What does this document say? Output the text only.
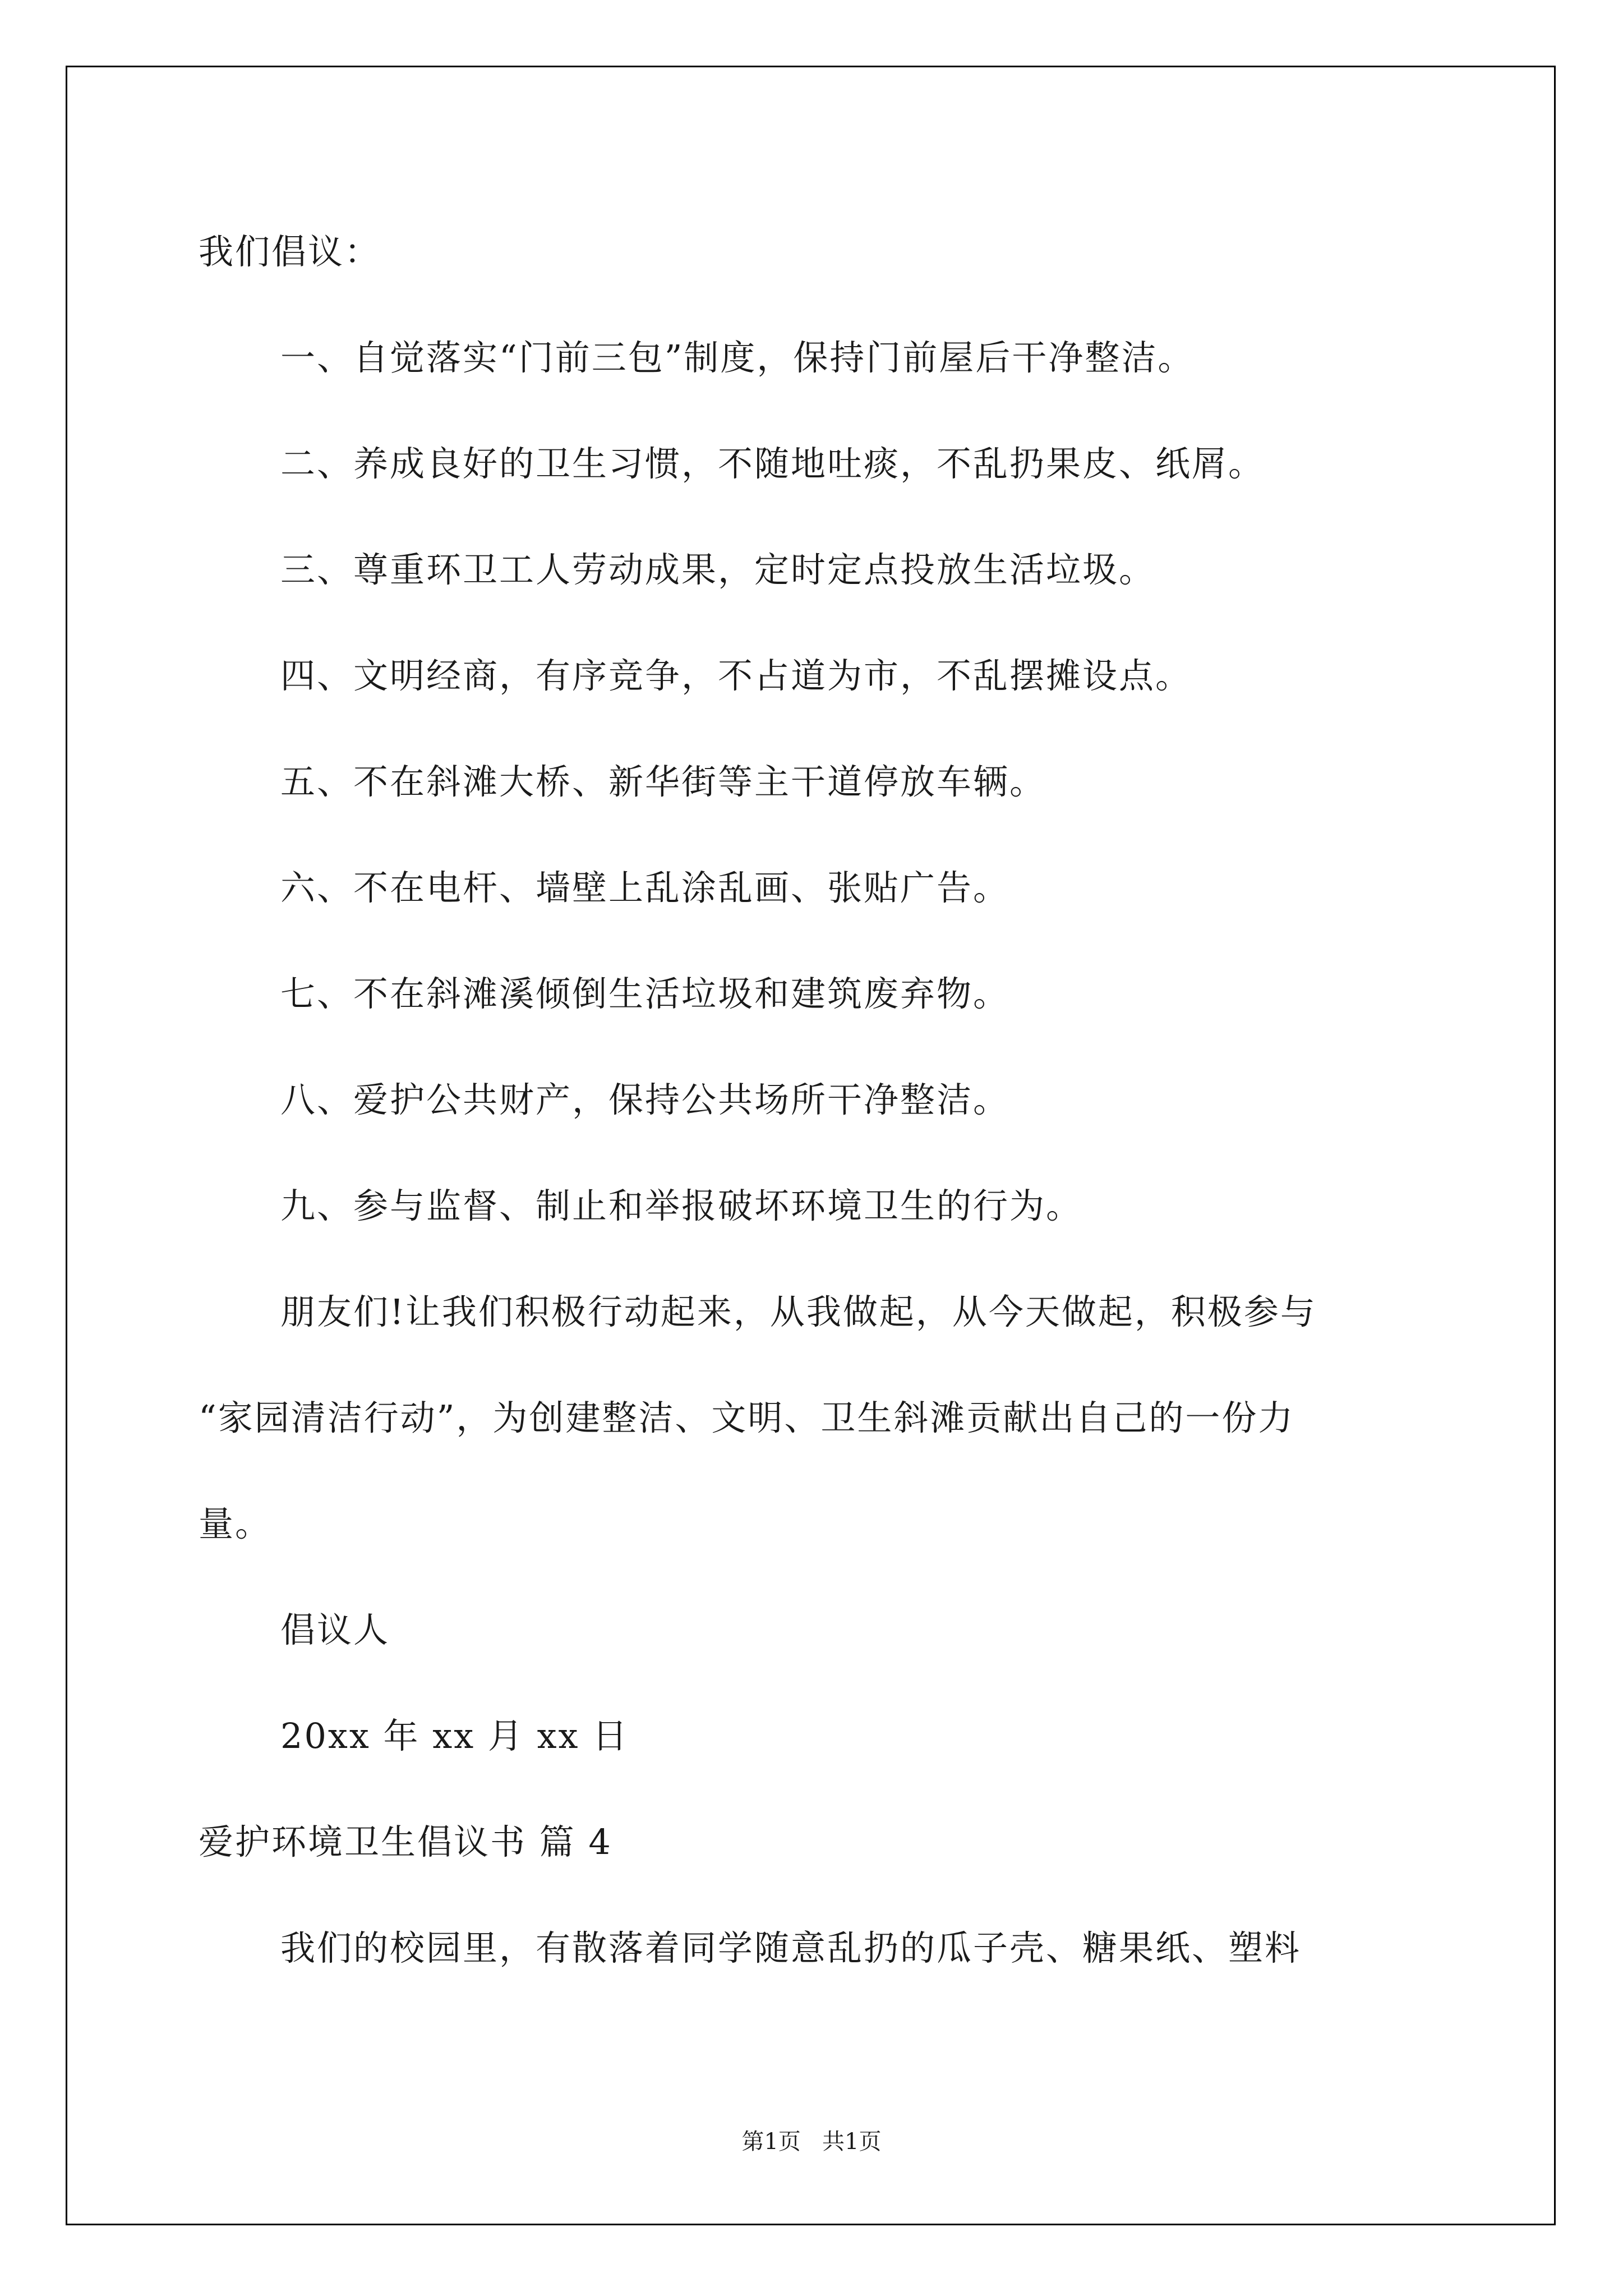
我们倡议：
一、自觉落实“门前三包”制度，保持门前屋后干净整洁。
二、养成良好的卫生习惯，不随地吐痰，不乱扔果皮、纸屑。
三、尊重环卫工人劳动成果，定时定点投放生活垃圾。
四、文明经商，有序竞争，不占道为市，不乱摆摊设点。
五、不在斜滩大桥、新华街等主干道停放车辆。
六、不在电杆、墙壁上乱涂乱画、张贴广告。
七、不在斜滩溪倾倒生活垃圾和建筑废弃物。
八、爱护公共财产，保持公共场所干净整洁。
九、参与监督、制止和举报破坏环境卫生的行为。
朋友们!让我们积极行动起来，从我做起，从今天做起，积极参与
“家园清洁行动”，为创建整洁、文明、卫生斜滩贡献出自己的一份力
量。
倡议人
20xx 年 xx 月 xx 日
爱护环境卫生倡议书 篇 4
我们的校园里，有散落着同学随意乱扔的瓜子壳、糖果纸、塑料
第1页   共1页
